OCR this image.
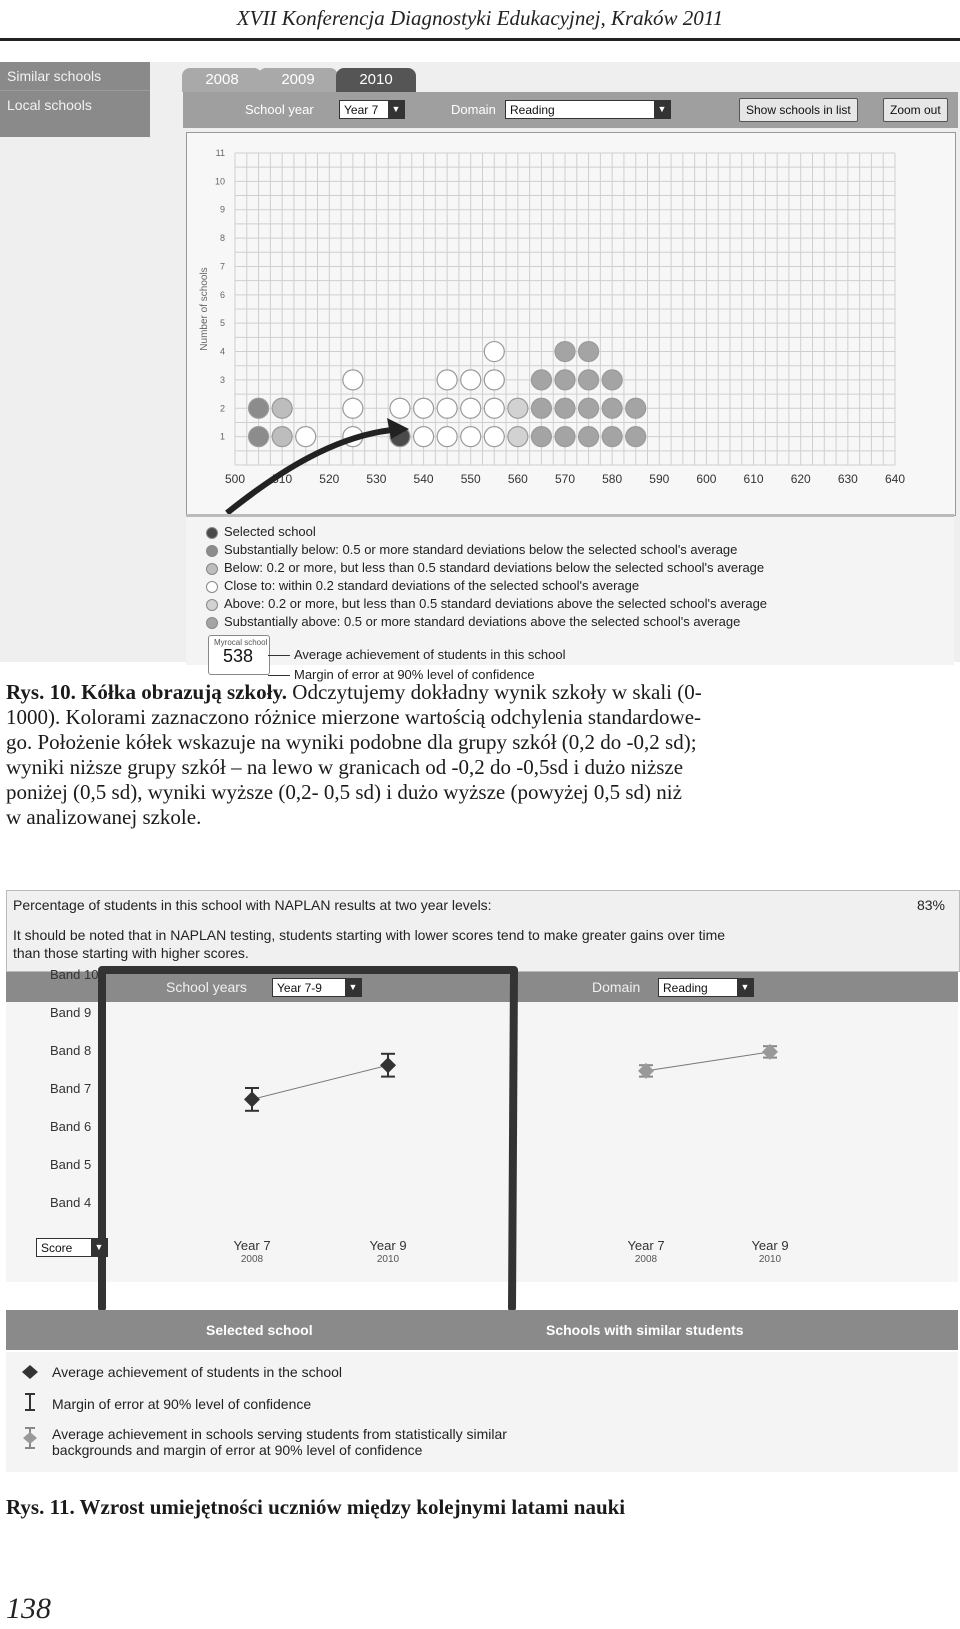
XVII Konferencja Diagnostyki Edukacyjnej, Kraków 2011
Similar schools
Local schools
2008	2009	2010
School year	Year 7	▼	Domain	Reading	▼	Show schools in list	Zoom out
500 510 520 530 540 550 560 570 580 590 600 610 620 630 640
1
2
3
4
5
6
7
8
9
10
11
Number of schools
Selected school
Substantially below: 0.5 or more standard deviations below the selected school's average
Below: 0.2 or more, but less than 0.5 standard deviations below the selected school's average
Close to: within 0.2 standard deviations of the selected school's average
Above: 0.2 or more, but less than 0.5 standard deviations above the selected school's average
Substantially above: 0.5 or more standard deviations above the selected school's average
Myrocal school
538	Average achievement of students in this school
Margin of error at 90% level of confidence
Rys. 10. Kółka obrazują szkoły. Odczytujemy dokładny wynik szkoły w skali (0-
1000). Kolorami zaznaczono różnice mierzone wartością odchylenia standardowe-
go. Położenie kółek wskazuje na wyniki podobne dla grupy szkół (0,2 do -0,2 sd);
wyniki niższe grupy szkół – na lewo w granicach od -0,2 do -0,5sd i dużo niższe
poniżej (0,5 sd), wyniki wyższe (0,2- 0,5 sd) i dużo wyższe (powyżej 0,5 sd) niż
w analizowanej szkole.
Percentage of students in this school with NAPLAN results at two year levels:	83%
It should be noted that in NAPLAN testing, students starting with lower scores tend to make greater gains over time
than those starting with higher scores.
School years	Year 7-9	▼	Domain	Reading	▼
Band 4
Band 5
Band 6
Band 7
Band 8
Band 9
Band 10
Year 7
2008
Year 9
2010
Year 7
2008
Year 9
2010
Score	▼
Selected school	Schools with similar students
Average achievement of students in the school
Margin of error at 90% level of confidence
Average achievement in schools serving students from statistically similar
backgrounds and margin of error at 90% level of confidence
Rys. 11. Wzrost umiejętności uczniów między kolejnymi latami nauki
138
